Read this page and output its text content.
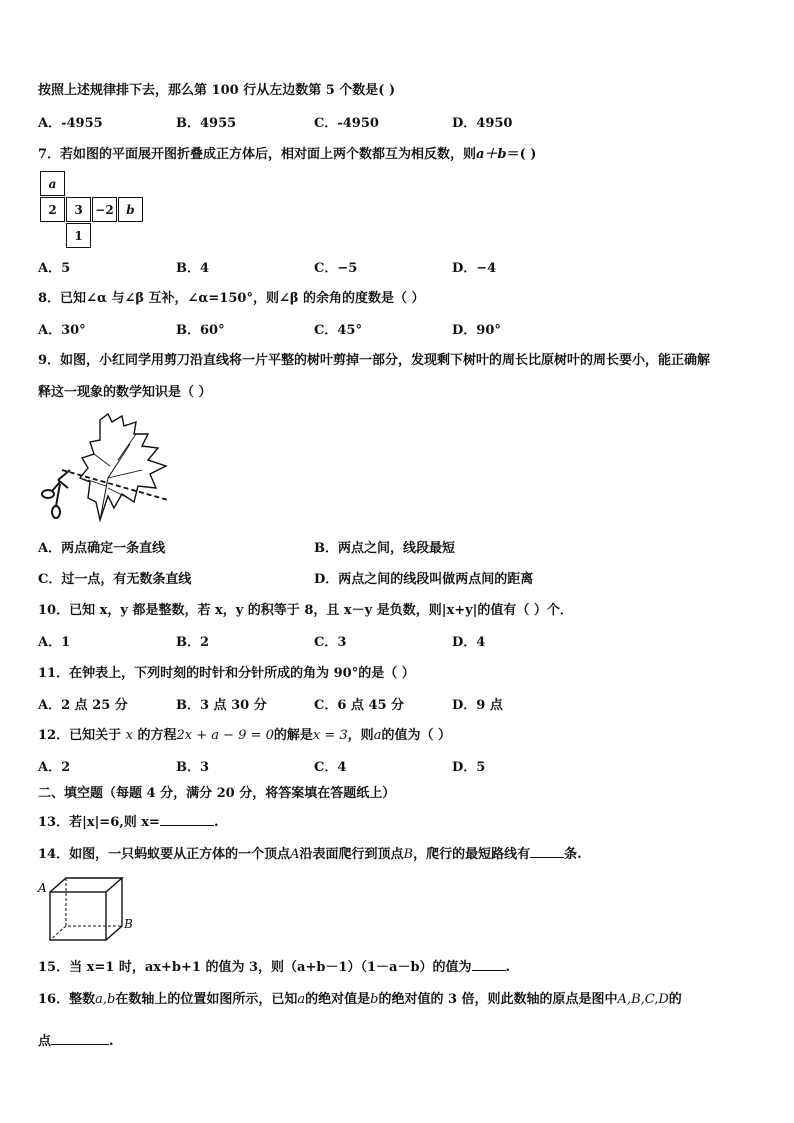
按照上述规律排下去，那么第 100 行从左边数第 5 个数是( )
A．-4955	B．4955	C．-4950	D．4950
7．若如图的平面展开图折叠成正方体后，相对面上两个数都互为相反数，则a＋b＝( )
a
2	3	−2	b
1
A．5	B．4	C．−5	D．−4
8．已知∠α 与∠β 互补，∠α=150°，则∠β 的余角的度数是（ ）
A．30°	B．60°	C．45°	D．90°
9．如图，小红同学用剪刀沿直线将一片平整的树叶剪掉一部分，发现剩下树叶的周长比原树叶的周长要小，能正确解
释这一现象的数学知识是（ ）
A．两点确定一条直线	B．两点之间，线段最短
C．过一点，有无数条直线	D．两点之间的线段叫做两点间的距离
10．已知 x，y 都是整数，若 x，y 的积等于 8，且 x－y 是负数，则|x+y|的值有（ ）个．
A．1	B．2	C．3	D．4
11．在钟表上，下列时刻的时针和分针所成的角为 90°的是（ ）
A．2 点 25 分	B．3 点 30 分	C．6 点 45 分	D．9 点
12．已知关于 x 的方程2x + a − 9 = 0的解是x = 3，则a的值为（ ）
A．2	B．3	C．4	D．5
二、填空题（每题 4 分，满分 20 分，将答案填在答题纸上）
13．若|x|=6,则 x=	.
14．如图，一只蚂蚁要从正方体的一个顶点A沿表面爬行到顶点B，爬行的最短路线有	条.
A
B
15．当 x=1 时，ax+b+1 的值为 3，则（a+b－1）（1－a－b）的值为	.
16．整数a,b在数轴上的位置如图所示，已知a的绝对值是b的绝对值的 3 倍，则此数轴的原点是图中A,B,C,D的
点	.
